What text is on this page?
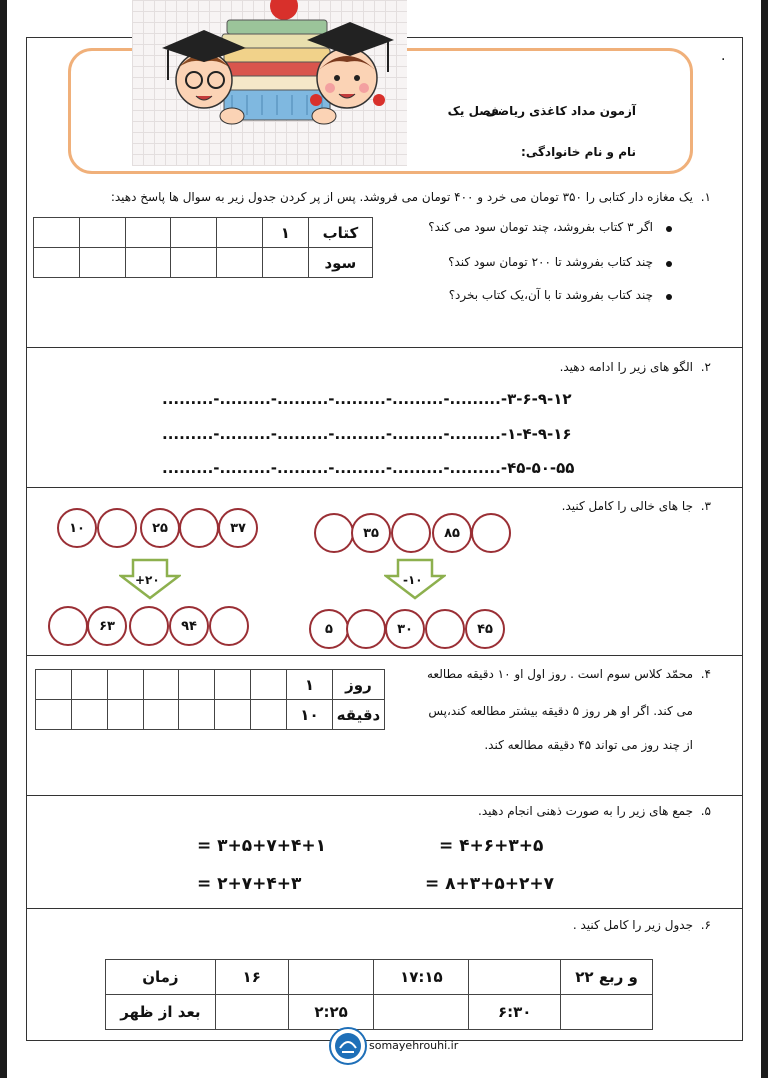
.
آزمون مداد کاغذی ریاضی
فصل یک
نام و نام خانوادگی:
۱.
یک مغازه دار کتابی را ۳۵۰ تومان می خرد و ۴۰۰ تومان می فروشد. پس از پر کردن جدول زیر به سوال ها پاسخ دهید:
اگر ۳ کتاب بفروشد، چند تومان سود می کند؟
چند کتاب بفروشد تا ۲۰۰ تومان سود کند؟
چند کتاب بفروشد تا با آن،یک کتاب بخرد؟
					۱	کتاب
						سود
۲.
الگو های زیر را ادامه دهید.
۳-۶-۹-۱۲-.........-.........-.........-.........-.........-.........
۱-۴-۹-۱۶-.........-.........-.........-.........-.........-.........
۴۵-۵۰-۵۵-.........-.........-.........-.........-.........-.........
۳.
جا های خالی را کامل کنید.
۱۰	۲۵	۳۷	۳۵	۸۵
+۲۰	-۱۰
۶۳	۹۴	۵	۳۰	۴۵
۴.
محمّد کلاس سوم است . روز اول او ۱۰ دقیقه مطالعه
می کند. اگر او هر روز ۵ دقیقه بیشتر مطالعه کند،پس
از چند روز می تواند ۴۵ دقیقه مطالعه کند.
							۱	روز
							۱۰	دقیقه
۵.
جمع های زیر را به صورت ذهنی انجام دهید.
۴+۶+۳+۵ =
۳+۵+۷+۴+۱ =
۸+۳+۵+۲+۷ =
۲+۷+۴+۳ =
۶.
جدول زیر را کامل کنید .
زمان	۱۶		۱۷:۱۵		۲۲ و ربع
بعد از ظهر		۲:۲۵		۶:۳۰	
somayehrouhi.ir
